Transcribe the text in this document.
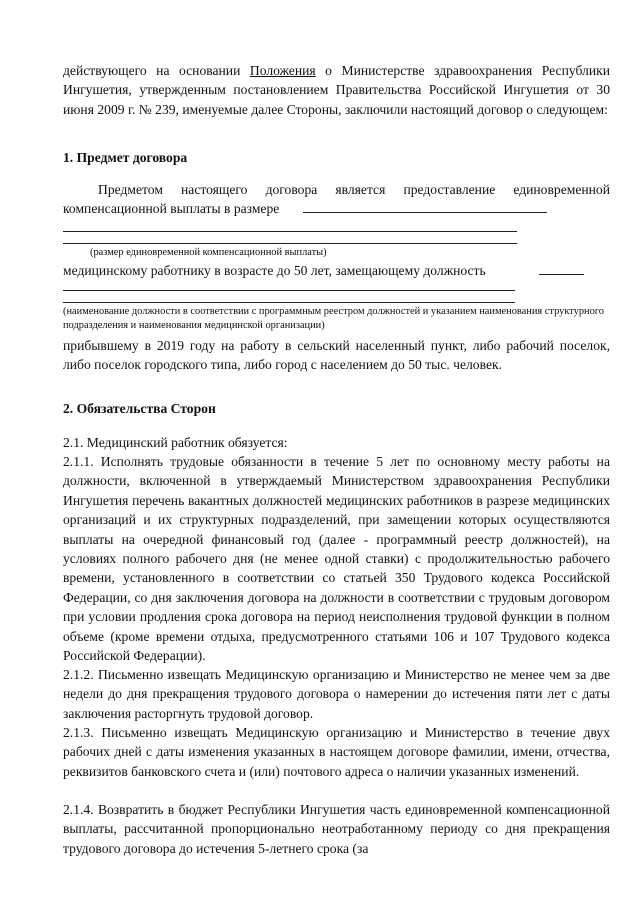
действующего на основании Положения о Министерстве здравоохранения Республики Ингушетия, утвержденным постановлением Правительства Российской Ингушетия от 30 июня 2009 г. № 239, именуемые далее Стороны, заключили настоящий договор о следующем:

1. Предмет договора

Предметом настоящего договора является предоставление единовременной компенсационной выплаты в размере

(размер единовременной компенсационной выплаты)

медицинскому работнику в возрасте до 50 лет, замещающему должность

(наименование должности в соответствии с программным реестром должностей и указанием наименования структурного подразделения и наименования медицинской организации)

прибывшему в 2019 году на работу в сельский населенный пункт, либо рабочий поселок, либо поселок городского типа, либо город с населением до 50 тыс. человек.

2. Обязательства Сторон

2.1. Медицинский работник обязуется:

2.1.1. Исполнять трудовые обязанности в течение 5 лет по основному месту работы на должности, включенной в утверждаемый Министерством здравоохранения Республики Ингушетия перечень вакантных должностей медицинских работников в разрезе медицинских организаций и их структурных подразделений, при замещении которых осуществляются выплаты на очередной финансовый год (далее - программный реестр должностей), на условиях полного рабочего дня (не менее одной ставки) с продолжительностью рабочего времени, установленного в соответствии со статьей 350 Трудового кодекса Российской Федерации, со дня заключения договора на должности в соответствии с трудовым договором при условии продления срока договора на период неисполнения трудовой функции в полном объеме (кроме времени отдыха, предусмотренного статьями 106 и 107 Трудового кодекса Российской Федерации).

2.1.2. Письменно извещать Медицинскую организацию и Министерство не менее чем за две недели до дня прекращения трудового договора о намерении до истечения пяти лет с даты заключения расторгнуть трудовой договор.

2.1.3. Письменно извещать Медицинскую организацию и Министерство в течение двух рабочих дней с даты изменения указанных в настоящем договоре фамилии, имени, отчества, реквизитов банковского счета и (или) почтового адреса о наличии указанных изменений.

2.1.4. Возвратить в бюджет Республики Ингушетия часть единовременной компенсационной выплаты, рассчитанной пропорционально неотработанному периоду со дня прекращения трудового договора до истечения 5-летнего срока (за
